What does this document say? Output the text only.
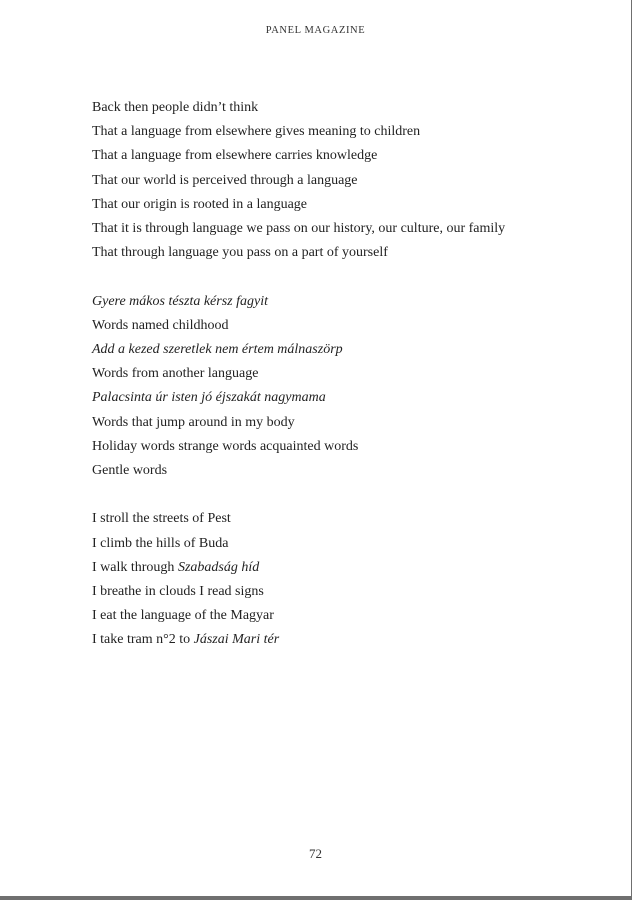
PANEL MAGAZINE
Back then people didn’t think
That a language from elsewhere gives meaning to children
That a language from elsewhere carries knowledge
That our world is perceived through a language
That our origin is rooted in a language
That it is through language we pass on our history, our culture, our family
That through language you pass on a part of yourself
Gyere mákos tészta kérsz fagyit
Words named childhood
Add a kezed szeretlek nem értem málnaszörp
Words from another language
Palacsinta úr isten jó éjszakát nagymama
Words that jump around in my body
Holiday words strange words acquainted words
Gentle words
I stroll the streets of Pest
I climb the hills of Buda
I walk through Szabadság híd
I breathe in clouds I read signs
I eat the language of the Magyar
I take tram n°2 to Jászai Mari tér
72
